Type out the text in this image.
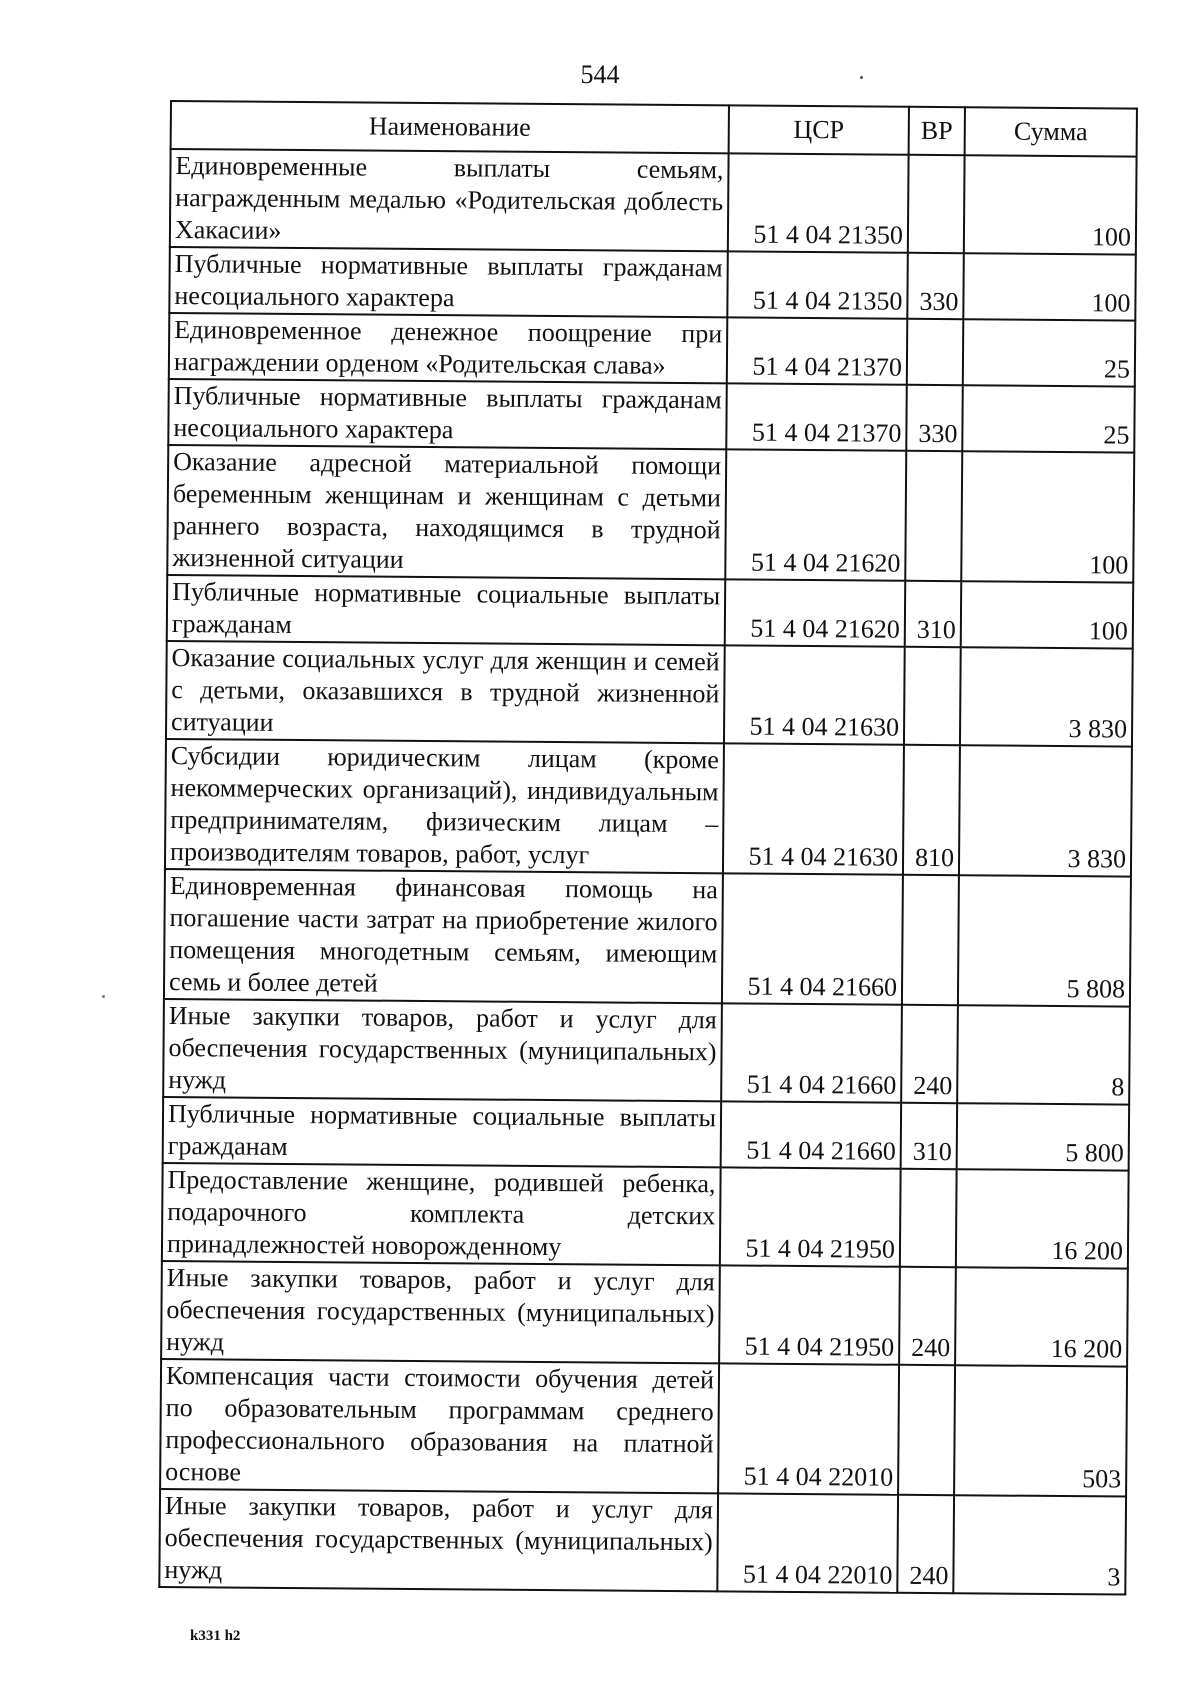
544
Наименование	ЦСР	ВР	Сумма
Единовременные выплаты семьям, награжденным медалью «Родительская доблесть Хакасии»	51 4 04 21350		100
Публичные нормативные выплаты гражданам несоциального характера	51 4 04 21350	330	100
Единовременное денежное поощрение при награждении орденом «Родительская слава»	51 4 04 21370		25
Публичные нормативные выплаты гражданам несоциального характера	51 4 04 21370	330	25
Оказание адресной материальной помощи беременным женщинам и женщинам с детьми раннего возраста, находящимся в трудной жизненной ситуации	51 4 04 21620		100
Публичные нормативные социальные выплаты гражданам	51 4 04 21620	310	100
Оказание социальных услуг для женщин и семей с детьми, оказавшихся в трудной жизненной ситуации	51 4 04 21630		3 830
Субсидии юридическим лицам (кроме некоммерческих организаций), индивидуальным предпринимателям, физическим лицам – производителям товаров, работ, услуг	51 4 04 21630	810	3 830
Единовременная финансовая помощь на погашение части затрат на приобретение жилого помещения многодетным семьям, имеющим семь и более детей	51 4 04 21660		5 808
Иные закупки товаров, работ и услуг для обеспечения государственных (муниципальных) нужд	51 4 04 21660	240	8
Публичные нормативные социальные выплаты гражданам	51 4 04 21660	310	5 800
Предоставление женщине, родившей ребенка, подарочного комплекта детских принадлежностей новорожденному	51 4 04 21950		16 200
Иные закупки товаров, работ и услуг для обеспечения государственных (муниципальных) нужд	51 4 04 21950	240	16 200
Компенсация части стоимости обучения детей по образовательным программам среднего профессионального образования на платной основе	51 4 04 22010		503
Иные закупки товаров, работ и услуг для обеспечения государственных (муниципальных) нужд	51 4 04 22010	240	3
k331 h2
